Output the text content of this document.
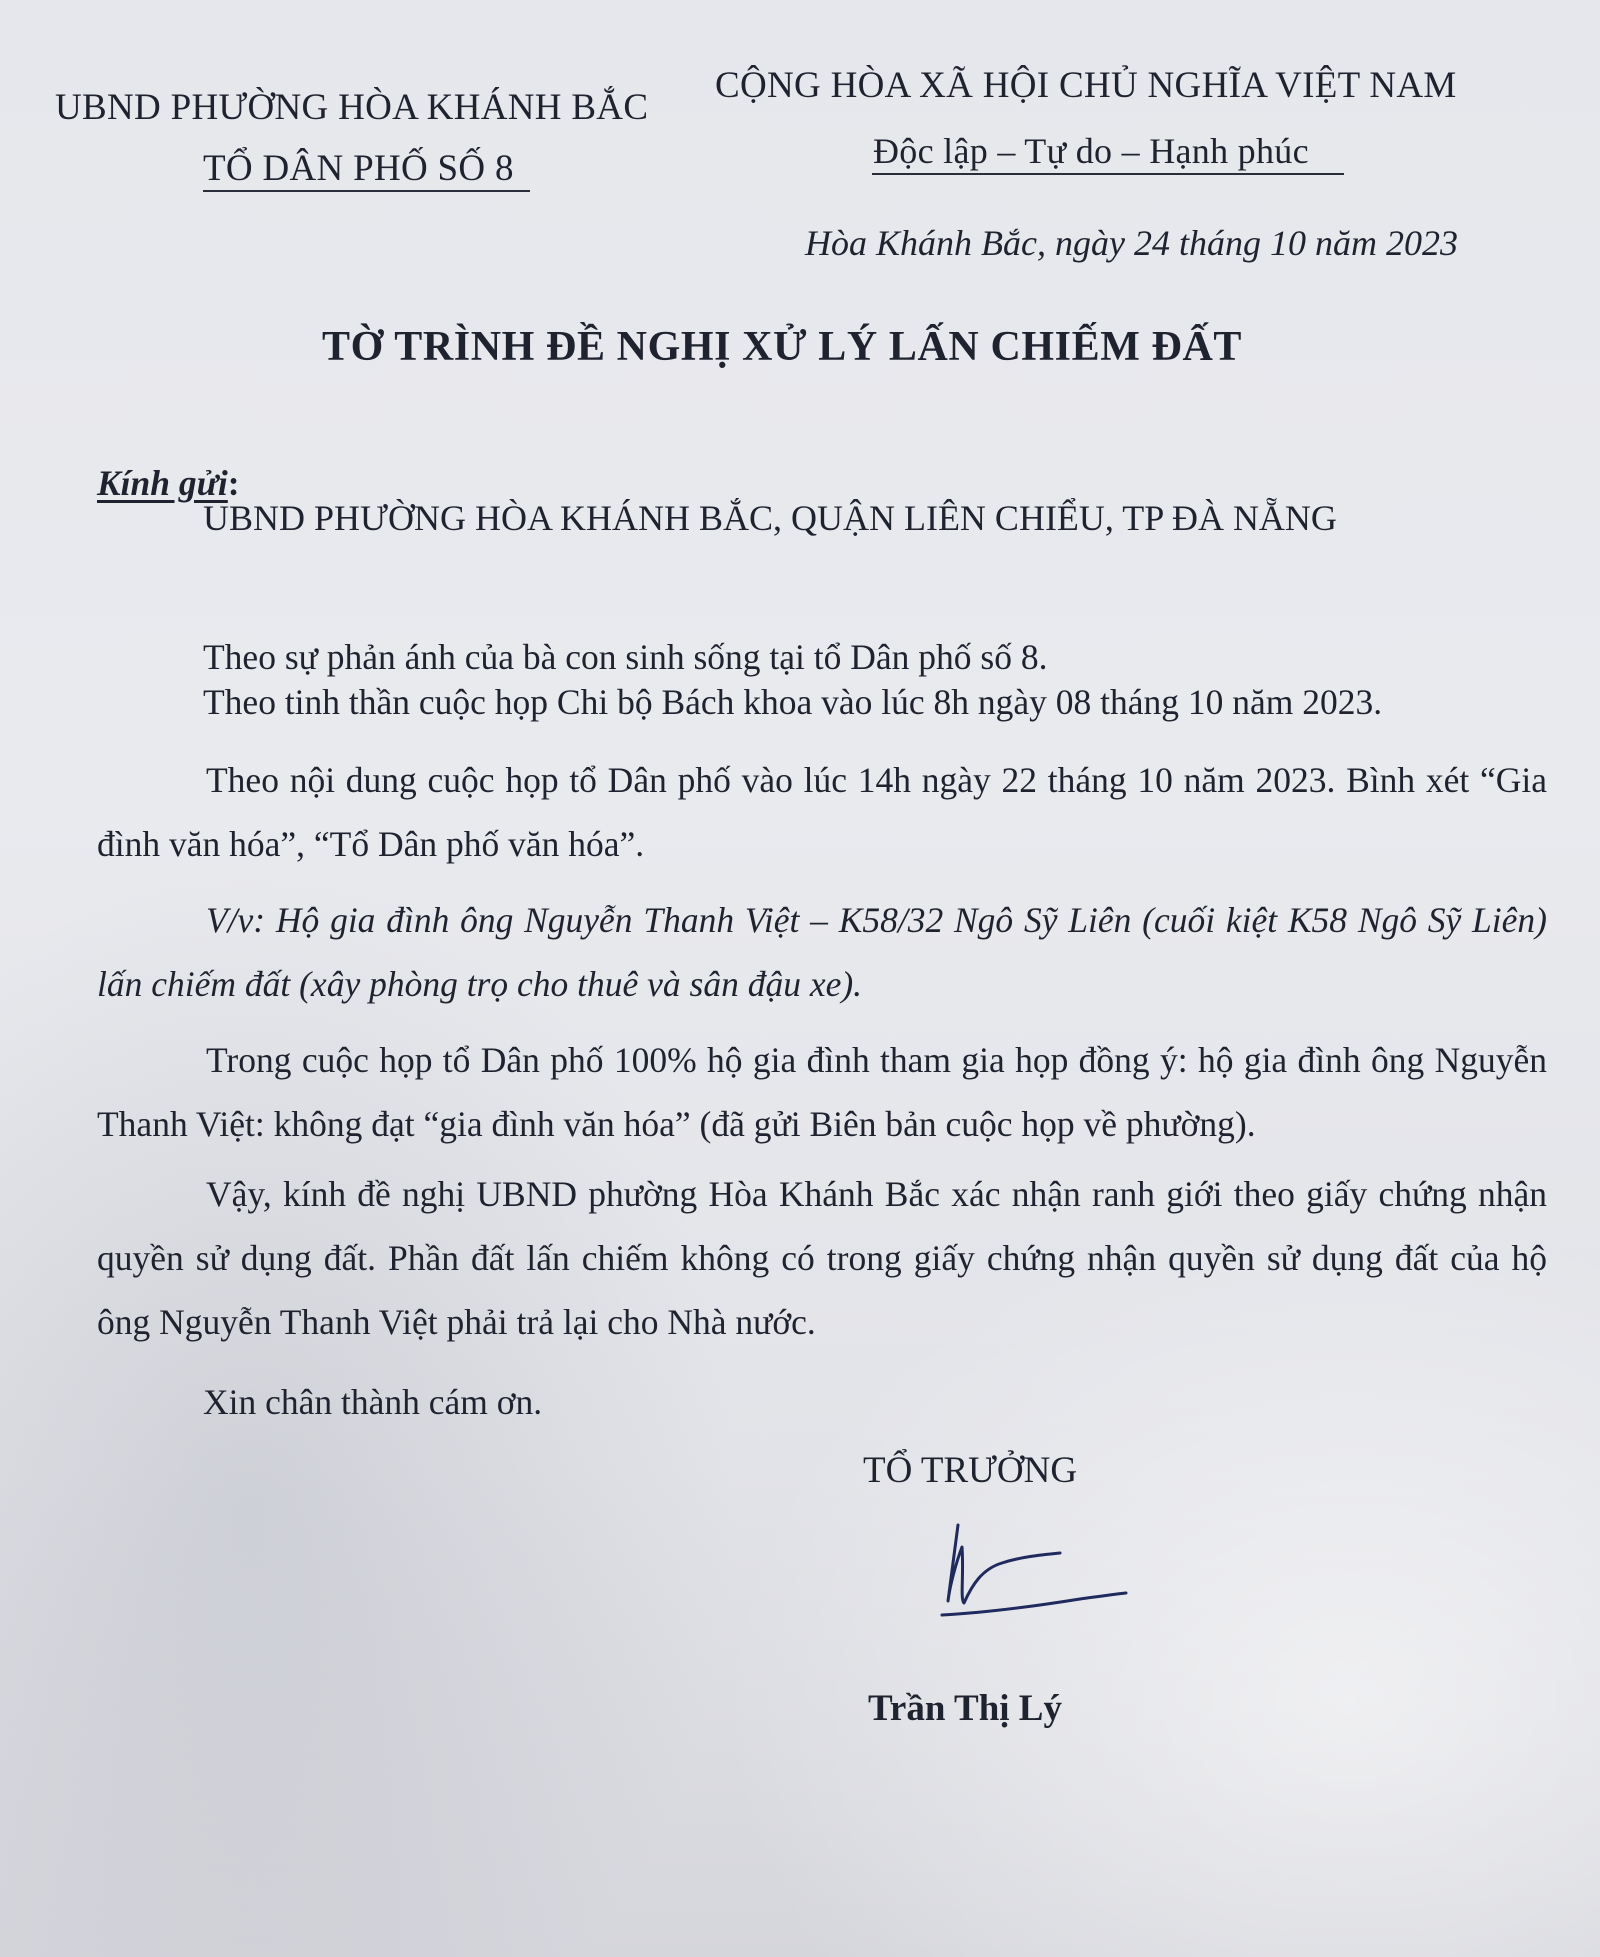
UBND PHƯỜNG HÒA KHÁNH BẮC
TỔ DÂN PHỐ SỐ 8
CỘNG HÒA XÃ HỘI CHỦ NGHĨA VIỆT NAM
Độc lập – Tự do – Hạnh phúc
Hòa Khánh Bắc, ngày 24 tháng 10 năm 2023
TỜ TRÌNH ĐỀ NGHỊ XỬ LÝ LẤN CHIẾM ĐẤT
Kính gửi:
UBND PHƯỜNG HÒA KHÁNH BẮC, QUẬN LIÊN CHIỂU, TP ĐÀ NẴNG
Theo sự phản ánh của bà con sinh sống tại tổ Dân phố số 8.
Theo tinh thần cuộc họp Chi bộ Bách khoa vào lúc 8h ngày 08 tháng 10 năm 2023.
Theo nội dung cuộc họp tổ Dân phố vào lúc 14h ngày 22 tháng 10 năm 2023. Bình xét “Gia đình văn hóa”, “Tổ Dân phố văn hóa”.
V/v: Hộ gia đình ông Nguyễn Thanh Việt – K58/32 Ngô Sỹ Liên (cuối kiệt K58 Ngô Sỹ Liên) lấn chiếm đất (xây phòng trọ cho thuê và sân đậu xe).
Trong cuộc họp tổ Dân phố 100% hộ gia đình tham gia họp đồng ý: hộ gia đình ông Nguyễn Thanh Việt: không đạt “gia đình văn hóa” (đã gửi Biên bản cuộc họp về phường).
Vậy, kính đề nghị UBND phường Hòa Khánh Bắc xác nhận ranh giới theo giấy chứng nhận quyền sử dụng đất. Phần đất lấn chiếm không có trong giấy chứng nhận quyền sử dụng đất của hộ ông Nguyễn Thanh Việt phải trả lại cho Nhà nước.
Xin chân thành cám ơn.
TỔ TRƯỞNG
Trần Thị Lý
